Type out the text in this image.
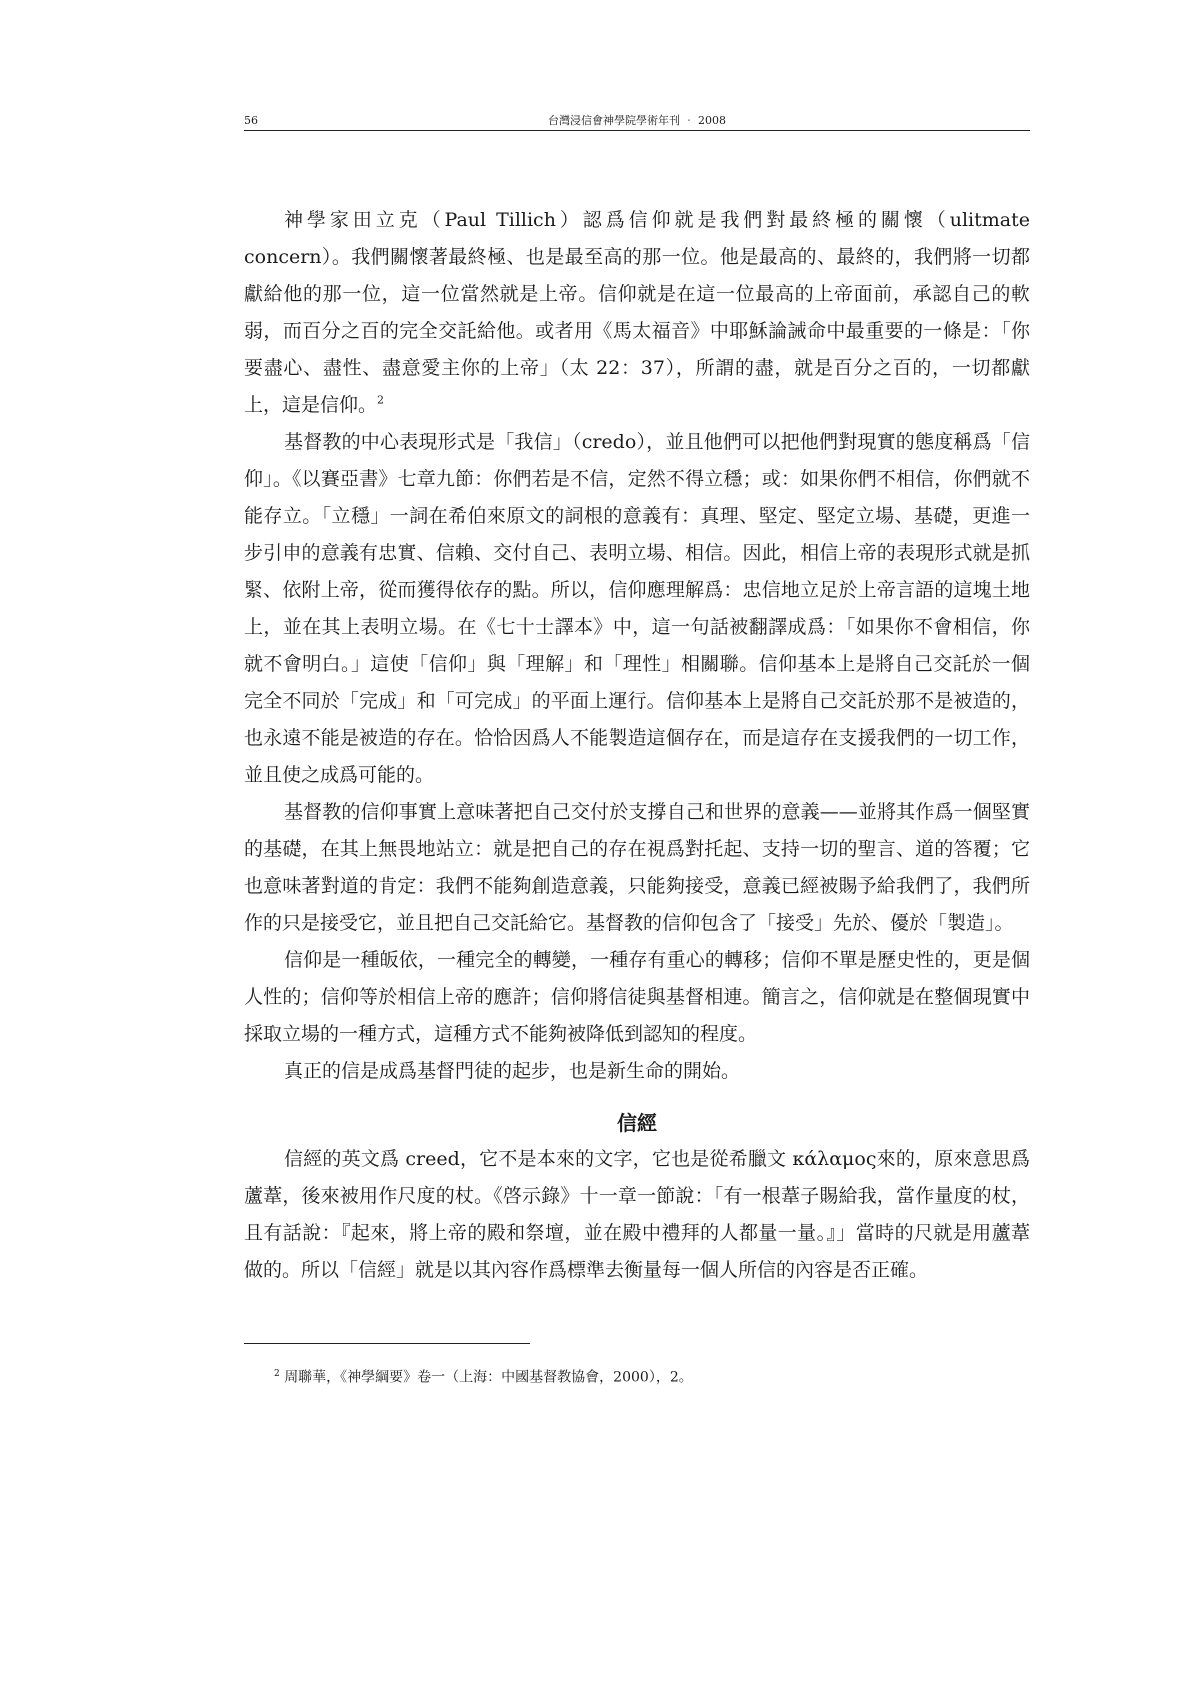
56	台灣浸信會神學院學術年刊 ‧ 2008

神學家田立克（Paul Tillich）認爲信仰就是我們對最終極的關懷（ulitmate concern）。我們關懷著最終極、也是最至高的那一位。他是最高的、最終的，我們將一切都獻給他的那一位，這一位當然就是上帝。信仰就是在這一位最高的上帝面前，承認自己的軟弱，而百分之百的完全交託給他。或者用《馬太福音》中耶穌論誡命中最重要的一條是：「你要盡心、盡性、盡意愛主你的上帝」（太 22：37），所謂的盡，就是百分之百的，一切都獻上，這是信仰。$^2$

基督教的中心表現形式是「我信」（credo），並且他們可以把他們對現實的態度稱爲「信仰」。《以賽亞書》七章九節：你們若是不信，定然不得立穩；或：如果你們不相信，你們就不能存立。「立穩」一詞在希伯來原文的詞根的意義有：真理、堅定、堅定立場、基礎，更進一步引申的意義有忠實、信賴、交付自己、表明立場、相信。因此，相信上帝的表現形式就是抓緊、依附上帝，從而獲得依存的點。所以，信仰應理解爲：忠信地立足於上帝言語的這塊土地上，並在其上表明立場。在《七十士譯本》中，這一句話被翻譯成爲：「如果你不會相信，你就不會明白。」這使「信仰」與「理解」和「理性」相關聯。信仰基本上是將自己交託於一個完全不同於「完成」和「可完成」的平面上運行。信仰基本上是將自己交託於那不是被造的，也永遠不能是被造的存在。恰恰因爲人不能製造這個存在，而是這存在支援我們的一切工作，並且使之成爲可能的。

基督教的信仰事實上意味著把自己交付於支撐自己和世界的意義——並將其作爲一個堅實的基礎，在其上無畏地站立：就是把自己的存在視爲對托起、支持一切的聖言、道的答覆；它也意味著對道的肯定：我們不能夠創造意義，只能夠接受，意義已經被賜予給我們了，我們所作的只是接受它，並且把自己交託給它。基督教的信仰包含了「接受」先於、優於「製造」。

信仰是一種皈依，一種完全的轉變，一種存有重心的轉移；信仰不單是歷史性的，更是個人性的；信仰等於相信上帝的應許；信仰將信徒與基督相連。簡言之，信仰就是在整個現實中採取立場的一種方式，這種方式不能夠被降低到認知的程度。

真正的信是成爲基督門徒的起步，也是新生命的開始。

信經

信經的英文爲 creed，它不是本來的文字，它也是從希臘文 κάλαμος來的，原來意思爲蘆葦，後來被用作尺度的杖。《啓示錄》十一章一節說：「有一根葦子賜給我，當作量度的杖，且有話說：『起來，將上帝的殿和祭壇，並在殿中禮拜的人都量一量。』」當時的尺就是用蘆葦做的。所以「信經」就是以其內容作爲標準去衡量每一個人所信的內容是否正確。

$^2$ 周聯華，《神學綱要》卷一（上海：中國基督教協會，2000），2。
